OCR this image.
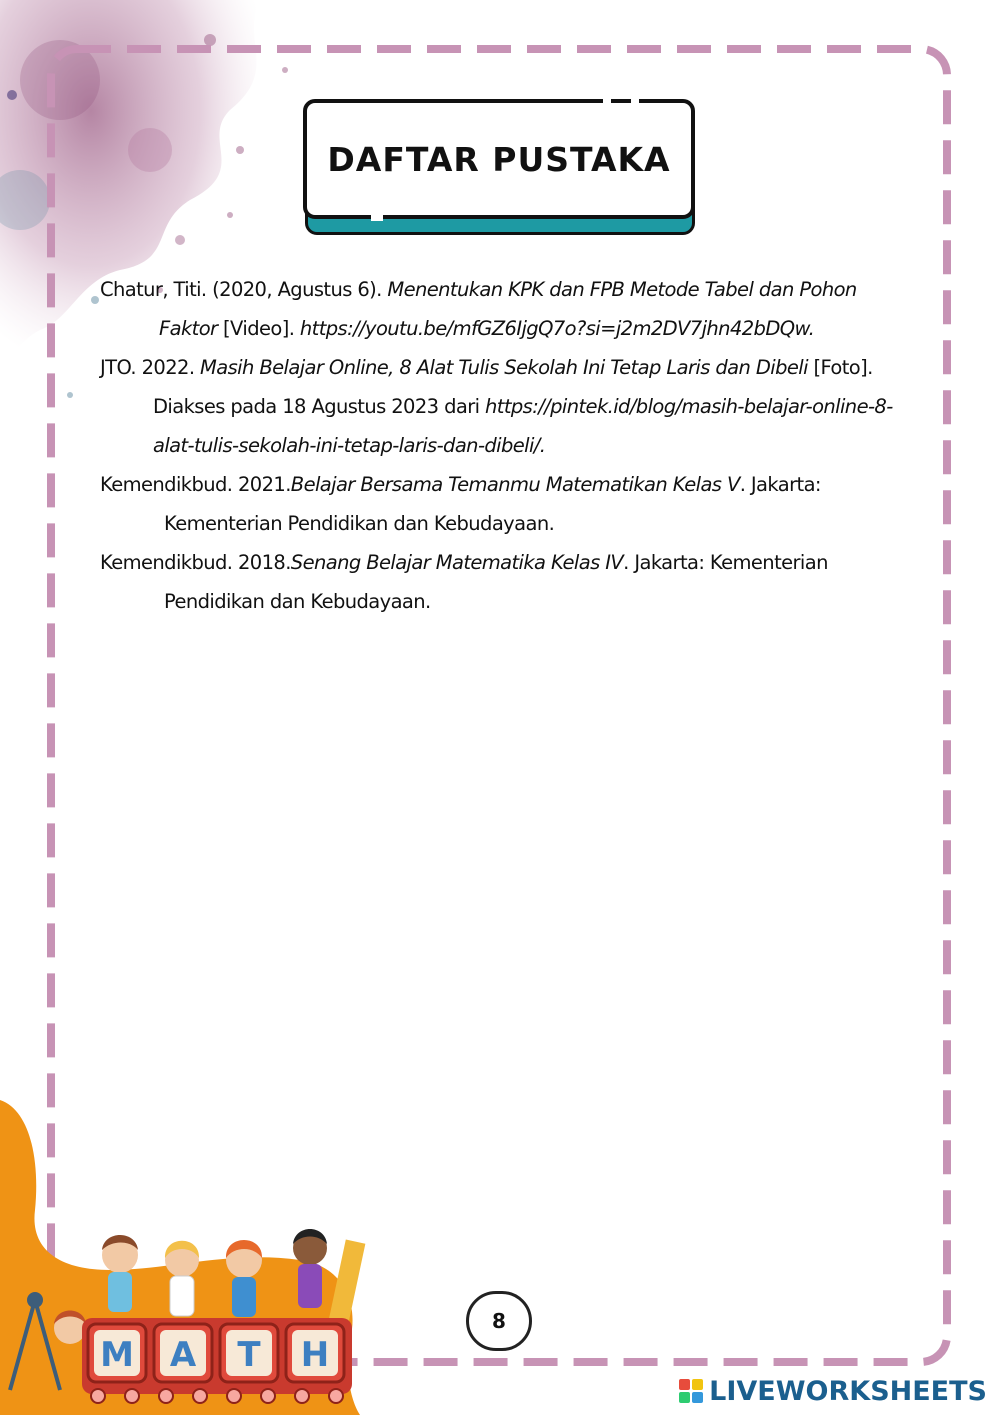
DAFTAR PUSTAKA
Chatur, Titi. (2020, Agustus 6). Menentukan KPK dan FPB Metode Tabel dan Pohon
Faktor [Video]. https://youtu.be/mfGZ6IjgQ7o?si=j2m2DV7jhn42bDQw.
JTO. 2022. Masih Belajar Online, 8 Alat Tulis Sekolah Ini Tetap Laris dan Dibeli [Foto].
Diakses pada 18 Agustus 2023 dari https://pintek.id/blog/masih-belajar-online-8-
alat-tulis-sekolah-ini-tetap-laris-dan-dibeli/.
Kemendikbud. 2021.Belajar Bersama Temanmu Matematikan Kelas V. Jakarta:
Kementerian Pendidikan dan Kebudayaan.
Kemendikbud. 2018.Senang Belajar Matematika Kelas IV. Jakarta: Kementerian
Pendidikan dan Kebudayaan.
M A T H
8
LIVEWORKSHEETS
